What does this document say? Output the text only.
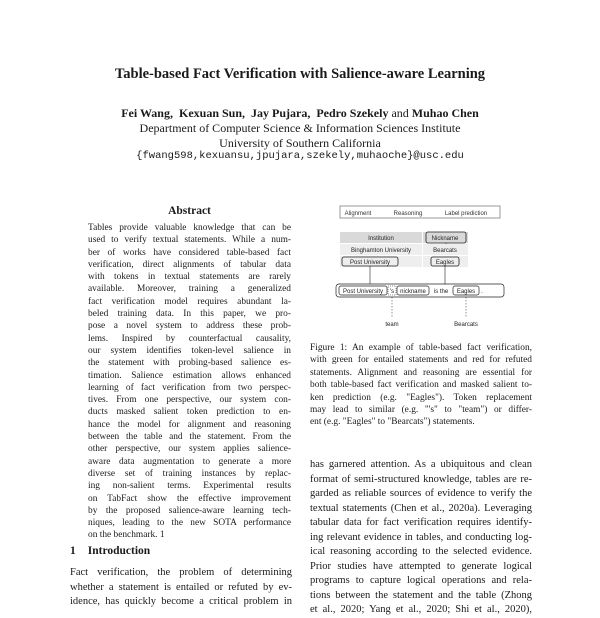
Table-based Fact Verification with Salience-aware Learning
Fei Wang, Kexuan Sun, Jay Pujara, Pedro Szekely and Muhao Chen
Department of Computer Science & Information Sciences Institute
University of Southern California
{fwang598,kexuansu,jpujara,szekely,muhaoche}@usc.edu
Abstract
Tables provide valuable knowledge that can be
used to verify textual statements. While a num-
ber of works have considered table-based fact
verification, direct alignments of tabular data
with tokens in textual statements are rarely
available. Moreover, training a generalized
fact verification model requires abundant la-
beled training data. In this paper, we pro-
pose a novel system to address these prob-
lems. Inspired by counterfactual causality,
our system identifies token-level salience in
the statement with probing-based salience es-
timation. Salience estimation allows enhanced
learning of fact verification from two perspec-
tives. From one perspective, our system con-
ducts masked salient token prediction to en-
hance the model for alignment and reasoning
between the table and the statement. From the
other perspective, our system applies salience-
aware data augmentation to generate a more
diverse set of training instances by replac-
ing non-salient terms. Experimental results
on TabFact show the effective improvement
by the proposed salience-aware learning tech-
niques, leading to the new SOTA performance
on the benchmark. 1
1 Introduction
Fact verification, the problem of determining
whether a statement is entailed or refuted by ev-
idence, has quickly become a critical problem in
Alignment	Reasoning	Label prediction
Institution	Nickname
Binghamton University	Bearcats
Post University	Eagles
Post University 's nickname is the Eagles .
team	Bearcats
Figure 1: An example of table-based fact verification,
with green for entailed statements and red for refuted
statements. Alignment and reasoning are essential for
both table-based fact verification and masked salient to-
ken prediction (e.g. "Eagles"). Token replacement
may lead to similar (e.g. "'s" to "team") or differ-
ent (e.g. "Eagles" to "Bearcats") statements.
has garnered attention. As a ubiquitous and clean
format of semi-structured knowledge, tables are re-
garded as reliable sources of evidence to verify the
textual statements (Chen et al., 2020a). Leveraging
tabular data for fact verification requires identify-
ing relevant evidence in tables, and conducting log-
ical reasoning according to the selected evidence.
Prior studies have attempted to generate logical
programs to capture logical operations and rela-
tions between the statement and the table (Zhong
et al., 2020; Yang et al., 2020; Shi et al., 2020),
